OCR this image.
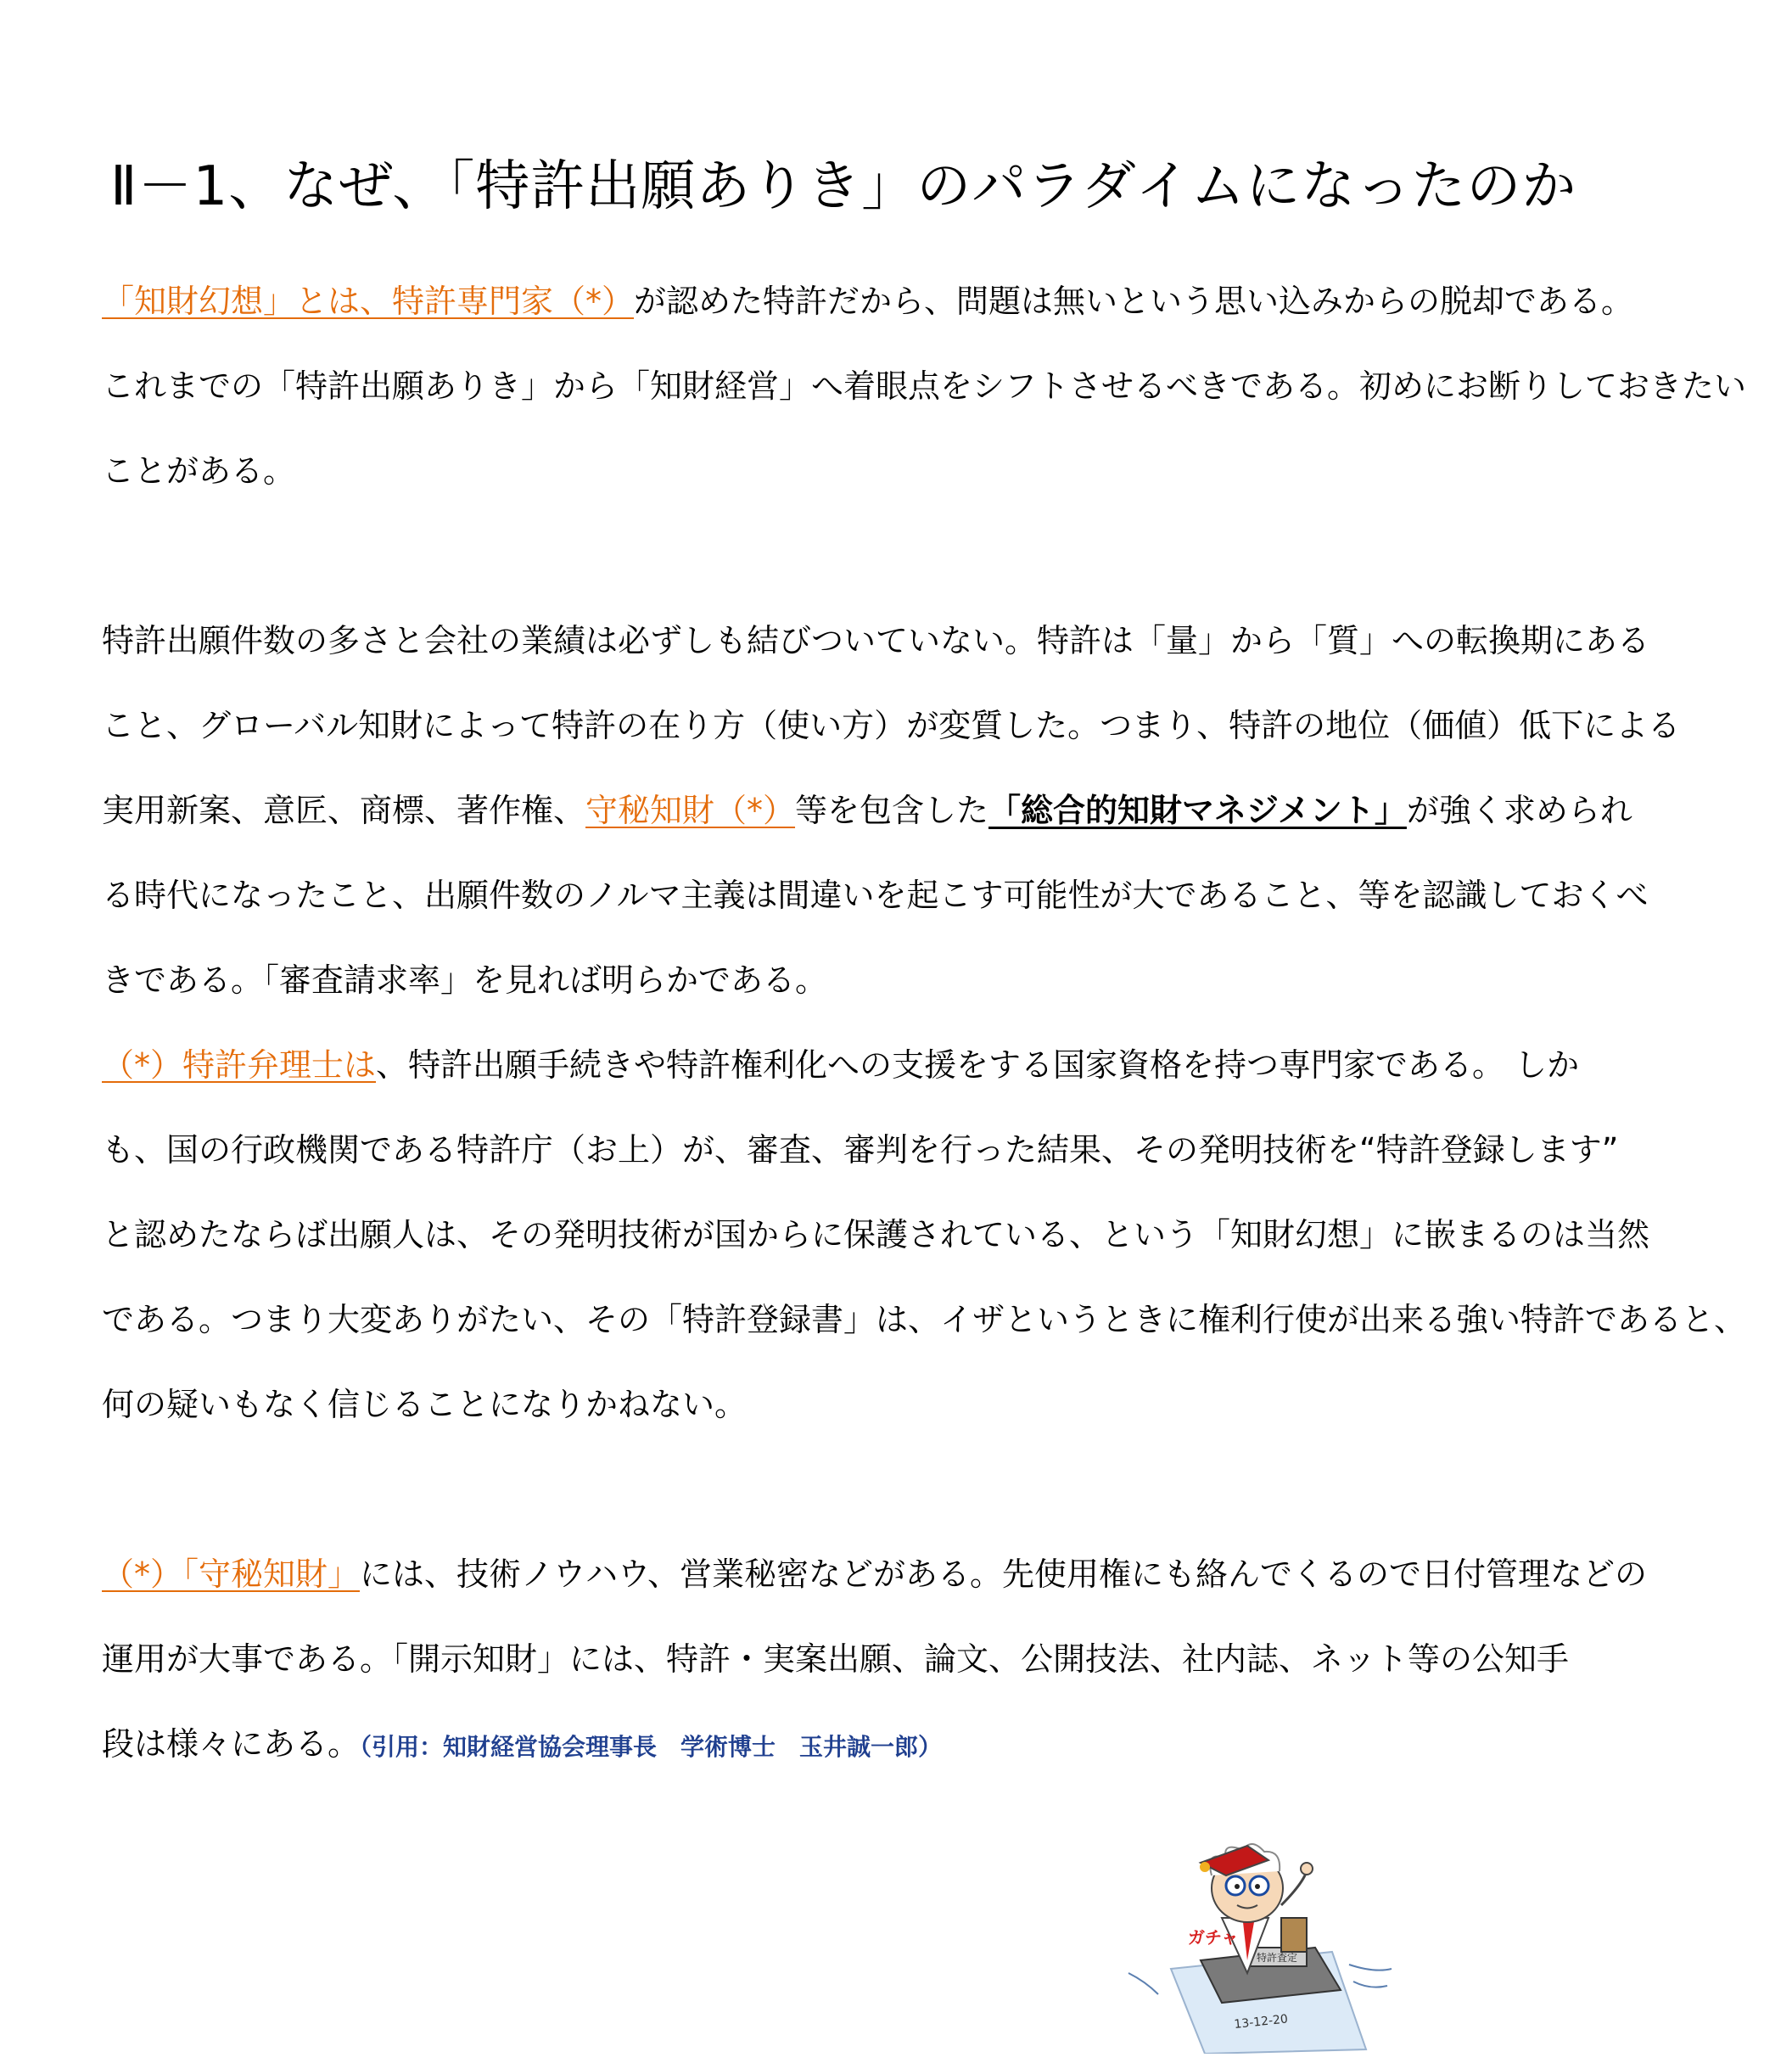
Ⅱ－1、なぜ、「特許出願ありき」のパラダイムになったのか
「知財幻想」とは、特許専門家（*）が認めた特許だから、問題は無いという思い込みからの脱却である。
これまでの「特許出願ありき」から「知財経営」へ着眼点をシフトさせるべきである。初めにお断りしておきたい
ことがある。
特許出願件数の多さと会社の業績は必ずしも結びついていない。特許は「量」から「質」への転換期にある
こと、グローバル知財によって特許の在り方（使い方）が変質した。つまり、特許の地位（価値）低下による
実用新案、意匠、商標、著作権、守秘知財（*）等を包含した「総合的知財マネジメント」が強く求められ
る時代になったこと、出願件数のノルマ主義は間違いを起こす可能性が大であること、等を認識しておくべ
きである。「審査請求率」を見れば明らかである。
（*）特許弁理士は、特許出願手続きや特許権利化への支援をする国家資格を持つ専門家である。 しか
も、国の行政機関である特許庁（お上）が、審査、審判を行った結果、その発明技術を“特許登録します”
と認めたならば出願人は、その発明技術が国からに保護されている、という「知財幻想」に嵌まるのは当然
である。つまり大変ありがたい、その「特許登録書」は、イザというときに権利行使が出来る強い特許であると、
何の疑いもなく信じることになりかねない。
（*）「守秘知財」には、技術ノウハウ、営業秘密などがある。先使用権にも絡んでくるので日付管理などの
運用が大事である。「開示知財」には、特許・実案出願、論文、公開技法、社内誌、ネット等の公知手
段は様々にある。（引用：知財経営協会理事長　学術博士　玉井誠一郎）
特許査定
ガチャ
13-12-20
